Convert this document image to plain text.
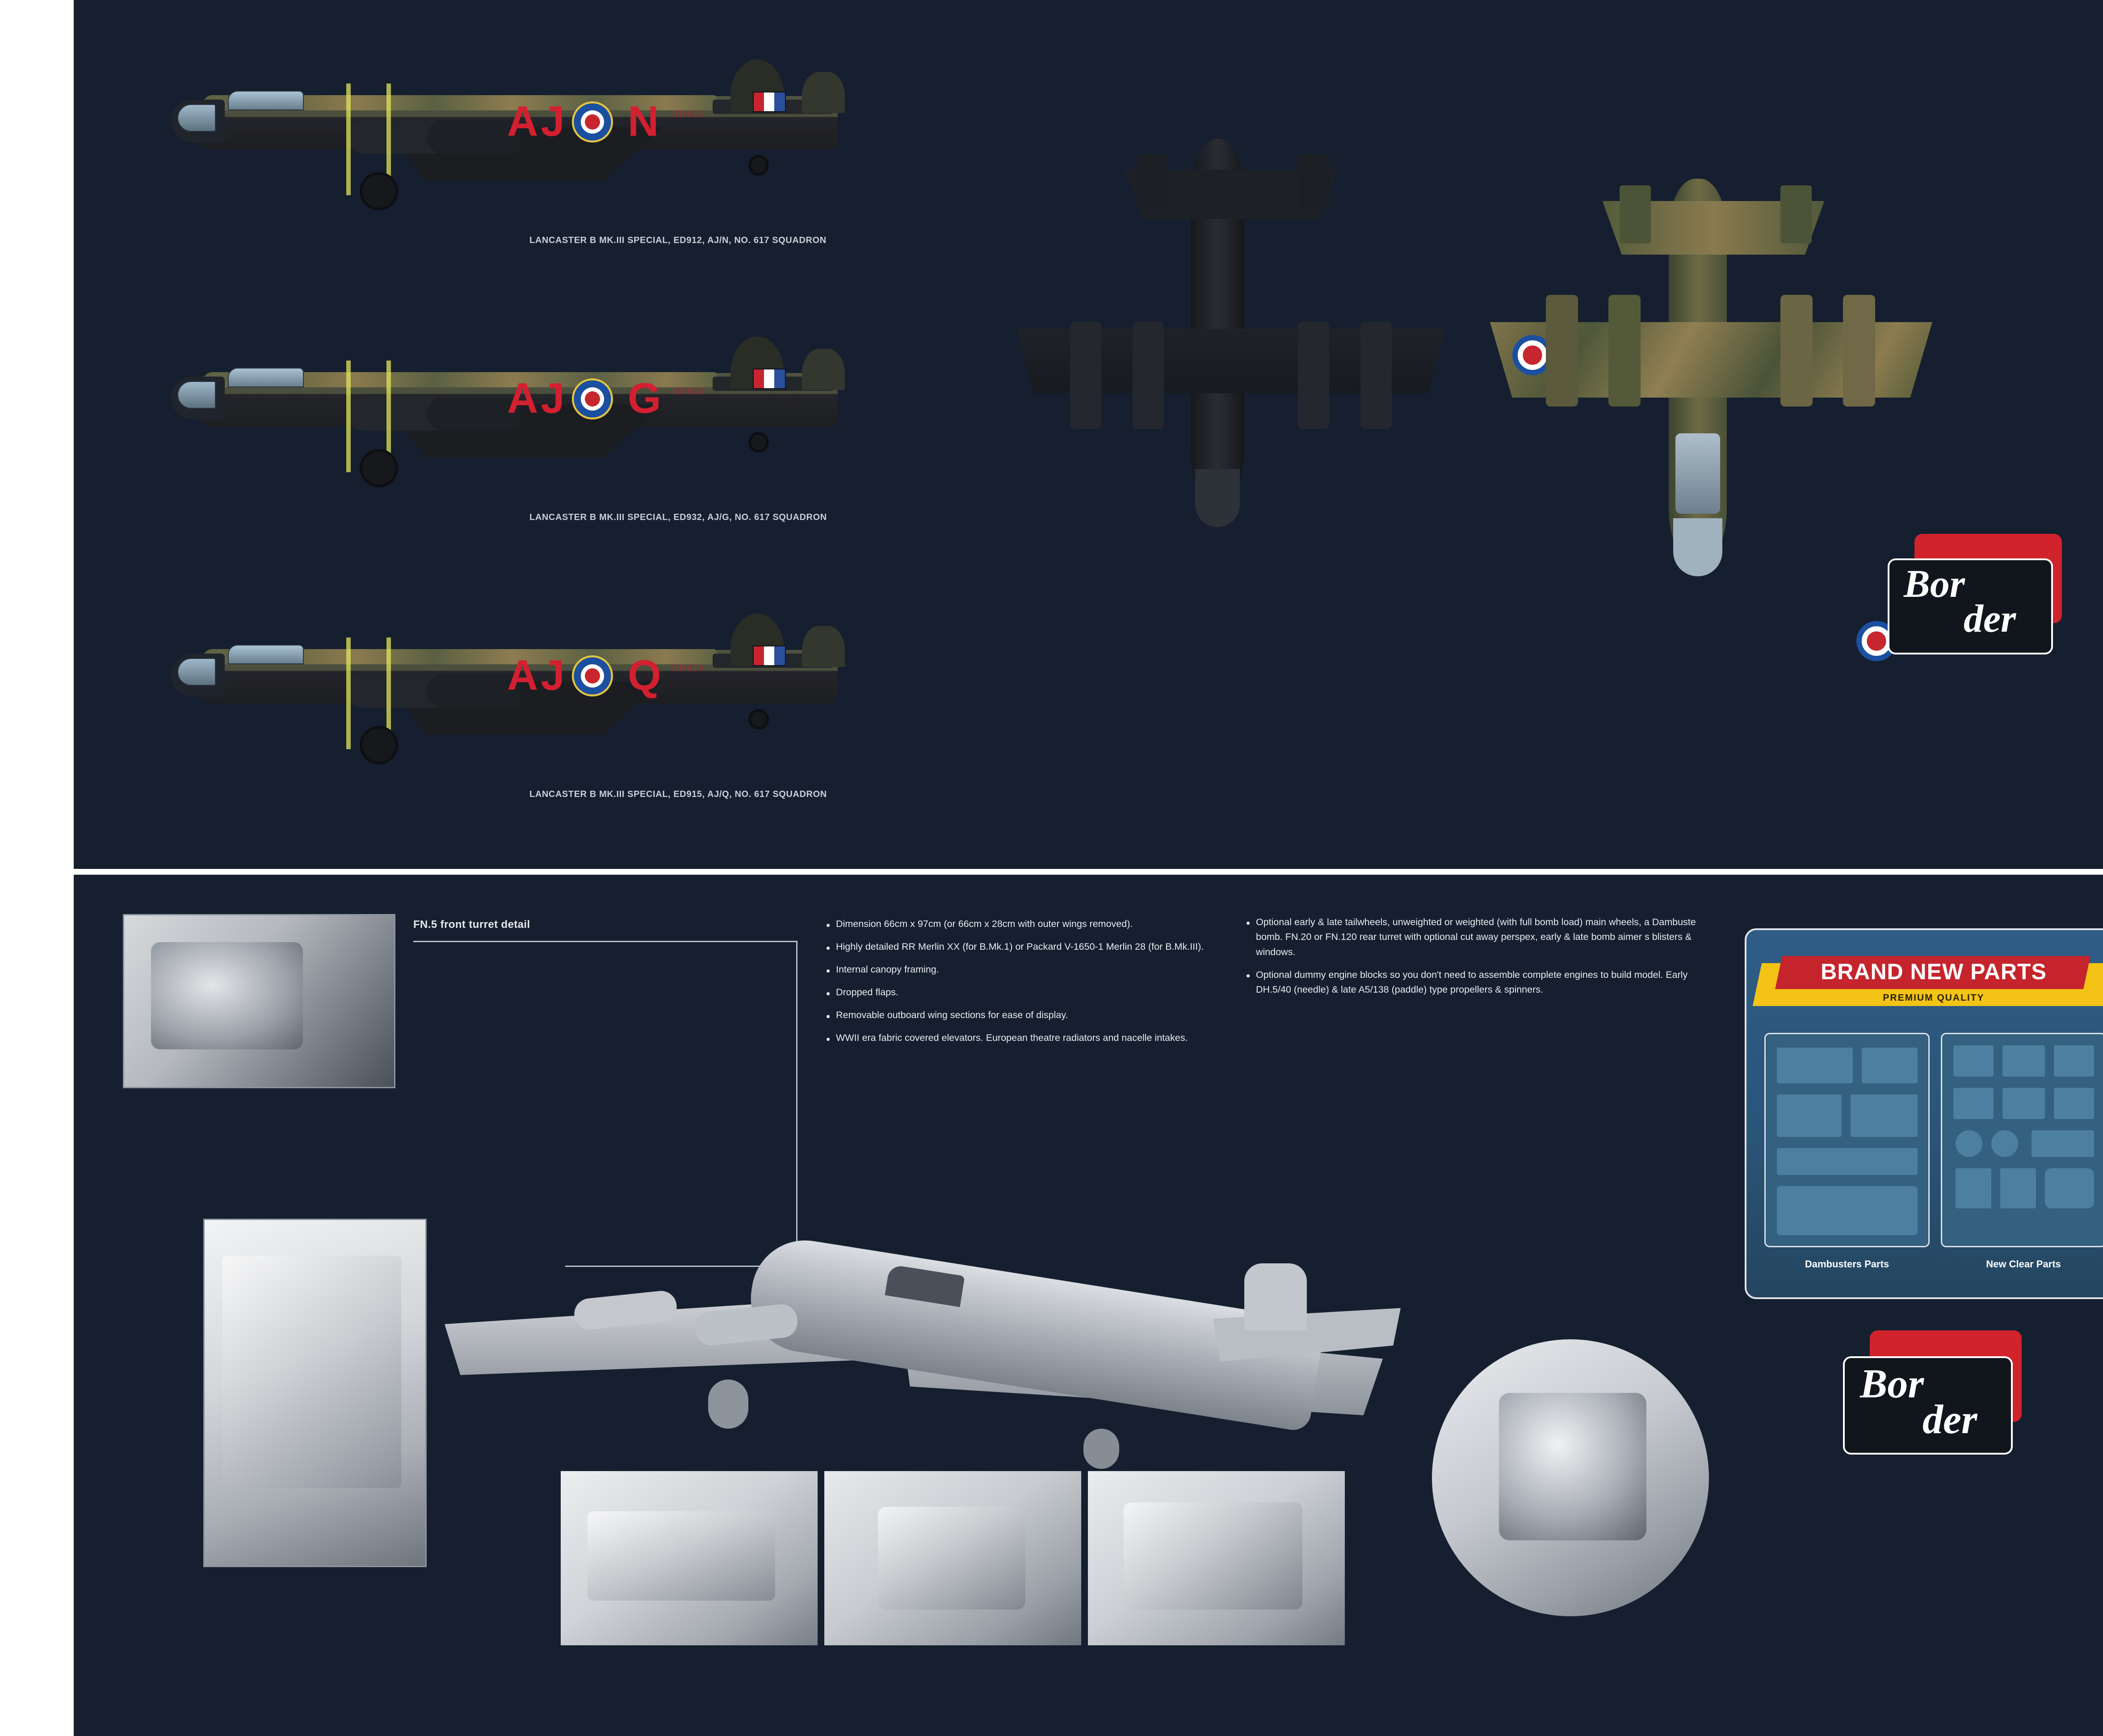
AJ N ED912
LANCASTER B MK.III SPECIAL, ED912, AJ/N, NO. 617 SQUADRON
AJ G ED932
LANCASTER B MK.III SPECIAL, ED932, AJ/G, NO. 617 SQUADRON
AJ Q ED915
LANCASTER B MK.III SPECIAL, ED915, AJ/Q, NO. 617 SQUADRON
Bor
der
FN.5 front turret detail	• Dimension 66cm x 97cm (or 66cm x 28cm with outer wings removed).
• Highly detailed RR Merlin XX (for B.Mk.1) or Packard V-1650-1 Merlin 28 (for B.Mk.III).
• Internal canopy framing.
• Dropped flaps.
• Removable outboard wing sections for ease of display.
• WWII era fabric covered elevators. European theatre radiators and nacelle intakes.
• Optional early & late tailwheels, unweighted or weighted (with full bomb load) main wheels, a Dambuste bomb. FN.20 or FN.120 rear turret with optional cut away perspex, early & late bomb aimer s blisters & windows.
• Optional dummy engine blocks so you don't need to assemble complete engines to build model. Early DH.5/40 (needle) & late A5/138 (paddle) type propellers & spinners.
BRAND NEW PARTS
PREMIUM QUALITY
Dambusters Parts	New Clear Parts
Bor
der
